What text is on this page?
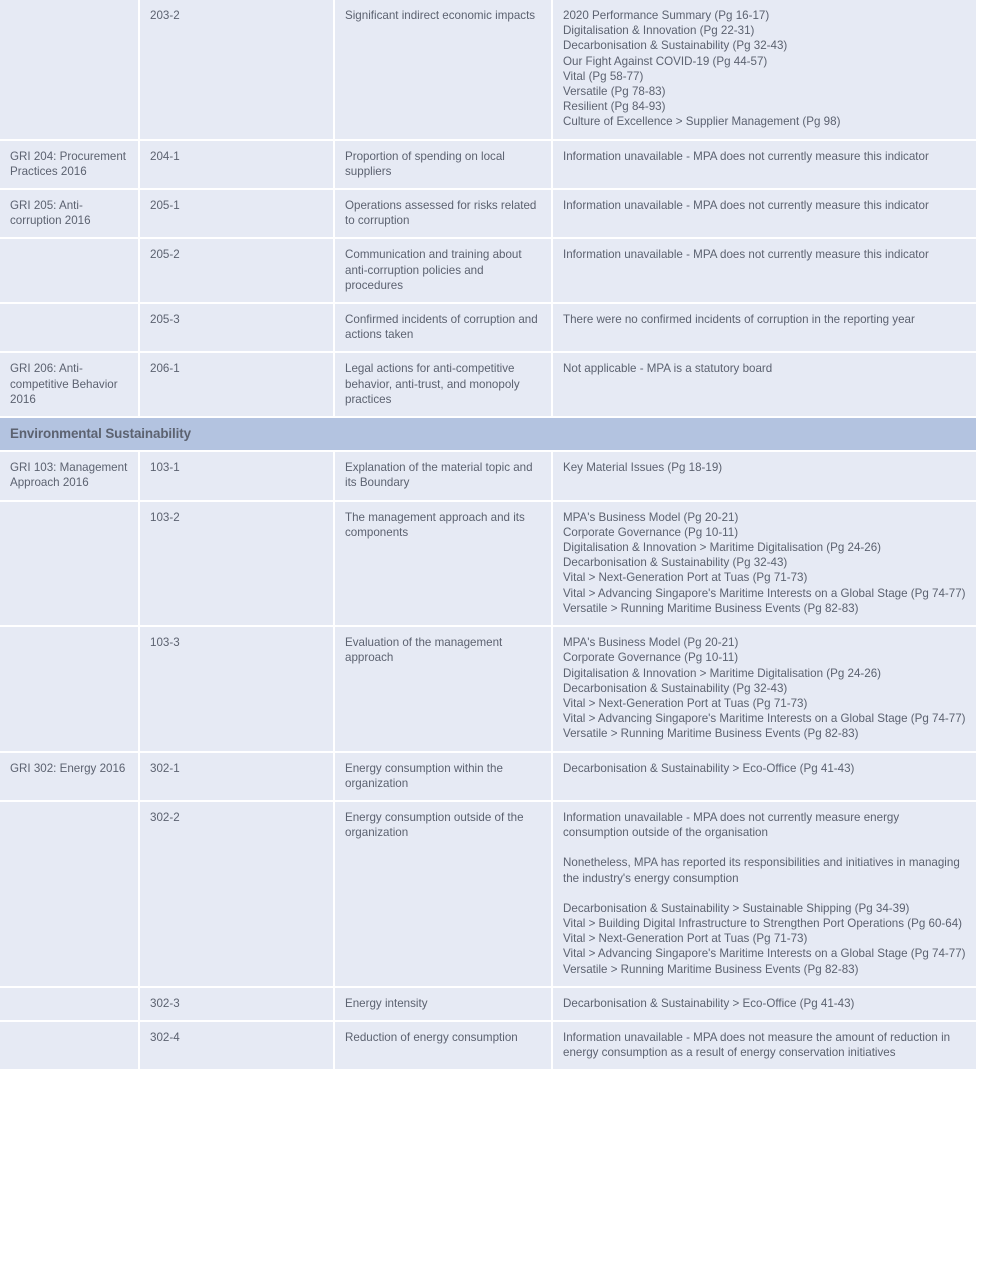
	203-2	Significant indirect economic impacts	2020 Performance Summary (Pg 16-17)
Digitalisation & Innovation (Pg 22-31)
Decarbonisation & Sustainability (Pg 32-43)
Our Fight Against COVID-19 (Pg 44-57)
Vital (Pg 58-77)
Versatile (Pg 78-83)
Resilient (Pg 84-93)
Culture of Excellence > Supplier Management (Pg 98)

GRI 204: Procurement Practices 2016	204-1	Proportion of spending on local suppliers	Information unavailable - MPA does not currently measure this indicator

GRI 205: Anti-corruption 2016	205-1	Operations assessed for risks related to corruption	Information unavailable - MPA does not currently measure this indicator

	205-2	Communication and training about anti-corruption policies and procedures	Information unavailable - MPA does not currently measure this indicator

	205-3	Confirmed incidents of corruption and actions taken	There were no confirmed incidents of corruption in the reporting year

GRI 206: Anti-competitive Behavior 2016	206-1	Legal actions for anti-competitive behavior, anti-trust, and monopoly practices	Not applicable - MPA is a statutory board

Environmental Sustainability			
GRI 103: Management Approach 2016	103-1	Explanation of the material topic and its Boundary	Key Material Issues (Pg 18-19)

	103-2	The management approach and its components	
MPA's Business Model (Pg 20-21)
Corporate Governance (Pg 10-11)
Digitalisation & Innovation > Maritime Digitalisation (Pg 24-26)
Decarbonisation & Sustainability (Pg 32-43)
Vital > Next-Generation Port at Tuas (Pg 71-73)
Vital > Advancing Singapore's Maritime Interests on a Global Stage (Pg 74-77)
Versatile > Running Maritime Business Events (Pg 82-83)

	103-3	Evaluation of the management approach	
MPA's Business Model (Pg 20-21)
Corporate Governance (Pg 10-11)
Digitalisation & Innovation > Maritime Digitalisation (Pg 24-26)
Decarbonisation & Sustainability (Pg 32-43)
Vital > Next-Generation Port at Tuas (Pg 71-73)
Vital > Advancing Singapore's Maritime Interests on a Global Stage (Pg 74-77)
Versatile > Running Maritime Business Events (Pg 82-83)

GRI 302: Energy 2016	302-1	Energy consumption within the organization	Decarbonisation & Sustainability > Eco-Office (Pg 41-43)

	302-2	Energy consumption outside of the organization	
Information unavailable - MPA does not currently measure energy consumption outside of the organisation
Nonetheless, MPA has reported its responsibilities and initiatives in managing the industry's energy consumption
Decarbonisation & Sustainability > Sustainable Shipping (Pg 34-39)
Vital > Building Digital Infrastructure to Strengthen Port Operations (Pg 60-64)
Vital > Next-Generation Port at Tuas (Pg 71-73)
Vital > Advancing Singapore's Maritime Interests on a Global Stage (Pg 74-77)
Versatile > Running Maritime Business Events (Pg 82-83)

	302-3	Energy intensity	Decarbonisation & Sustainability > Eco-Office (Pg 41-43)

	302-4	Reduction of energy consumption	Information unavailable - MPA does not measure the amount of reduction in energy consumption as a result of energy conservation initiatives
